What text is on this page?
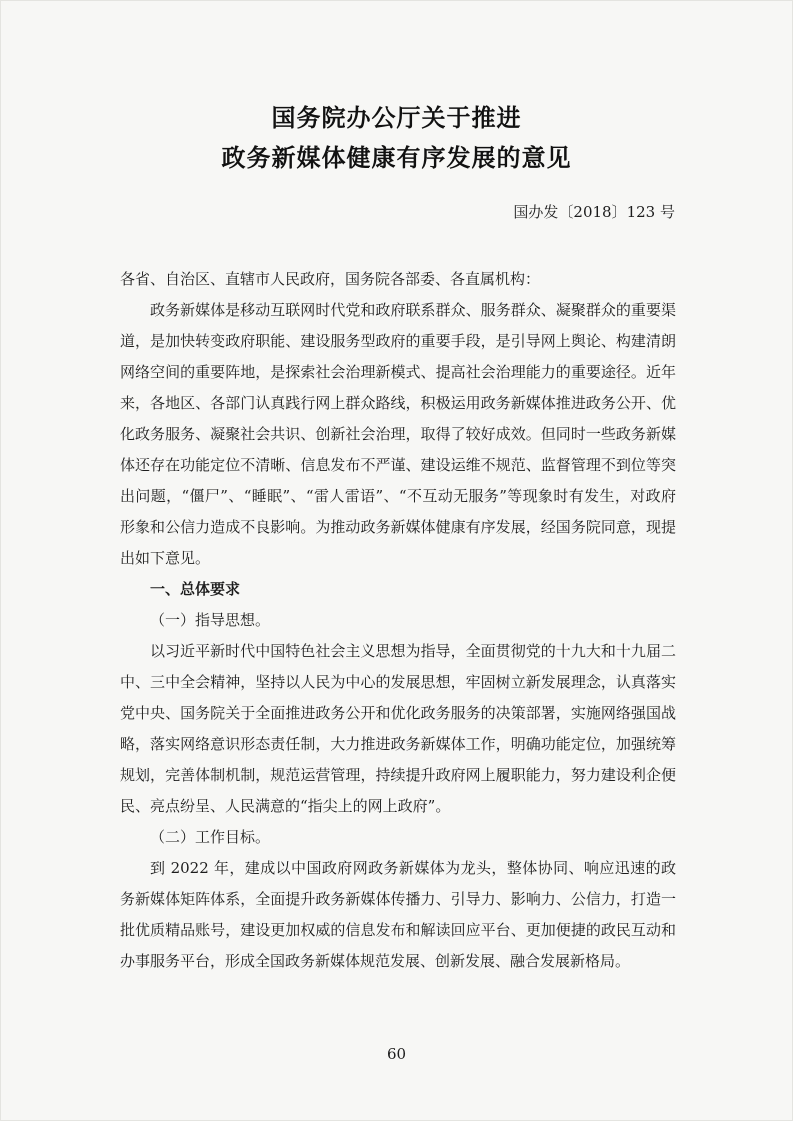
国务院办公厅关于推进
政务新媒体健康有序发展的意见
国办发〔2018〕123 号

各省、自治区、直辖市人民政府，国务院各部委、各直属机构：

政务新媒体是移动互联网时代党和政府联系群众、服务群众、凝聚群众的重要渠道，是加快转变政府职能、建设服务型政府的重要手段，是引导网上舆论、构建清朗网络空间的重要阵地，是探索社会治理新模式、提高社会治理能力的重要途径。近年来，各地区、各部门认真践行网上群众路线，积极运用政务新媒体推进政务公开、优化政务服务、凝聚社会共识、创新社会治理，取得了较好成效。但同时一些政务新媒体还存在功能定位不清晰、信息发布不严谨、建设运维不规范、监督管理不到位等突出问题，“僵尸”、“睡眠”、“雷人雷语”、“不互动无服务”等现象时有发生，对政府形象和公信力造成不良影响。为推动政务新媒体健康有序发展，经国务院同意，现提出如下意见。

一、总体要求

（一）指导思想。

以习近平新时代中国特色社会主义思想为指导，全面贯彻党的十九大和十九届二中、三中全会精神，坚持以人民为中心的发展思想，牢固树立新发展理念，认真落实党中央、国务院关于全面推进政务公开和优化政务服务的决策部署，实施网络强国战略，落实网络意识形态责任制，大力推进政务新媒体工作，明确功能定位，加强统筹规划，完善体制机制，规范运营管理，持续提升政府网上履职能力，努力建设利企便民、亮点纷呈、人民满意的“指尖上的网上政府”。

（二）工作目标。

到 2022 年，建成以中国政府网政务新媒体为龙头，整体协同、响应迅速的政务新媒体矩阵体系，全面提升政务新媒体传播力、引导力、影响力、公信力，打造一批优质精品账号，建设更加权威的信息发布和解读回应平台、更加便捷的政民互动和办事服务平台，形成全国政务新媒体规范发展、创新发展、融合发展新格局。

60
